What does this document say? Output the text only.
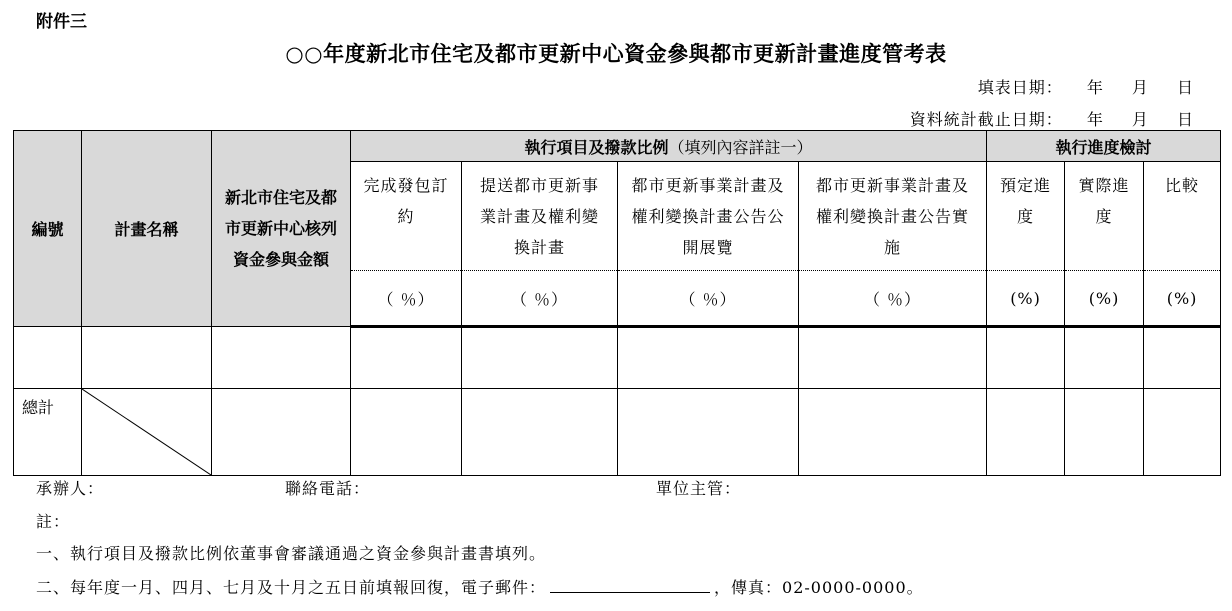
附件三
○○年度新北市住宅及都市更新中心資金參與都市更新計畫進度管考表
填表日期： 年 月 日
資料統計截止日期： 年 月 日
編號	計畫名稱	新北市住宅及都市更新中心核列資金參與金額	執行項目及撥款比例（填列內容詳註一）				執行進度檢討		
			完成發包訂約	提送都市更新事業計畫及權利變換計畫	都市更新事業計畫及權利變換計畫公告公開展覽	都市更新事業計畫及權利變換計畫公告實施	預定進度	實際進度	比較
			（ ％）	（ ％）	（ ％）	（ ％）	(%)	(%)	(%)

總計	

承辦人：	聯絡電話：	單位主管：
註：
一、執行項目及撥款比例依董事會審議通過之資金參與計畫書填列。
二、每年度一月、四月、七月及十月之五日前填報回復，電子郵件：	，傳真：02-0000-0000。
